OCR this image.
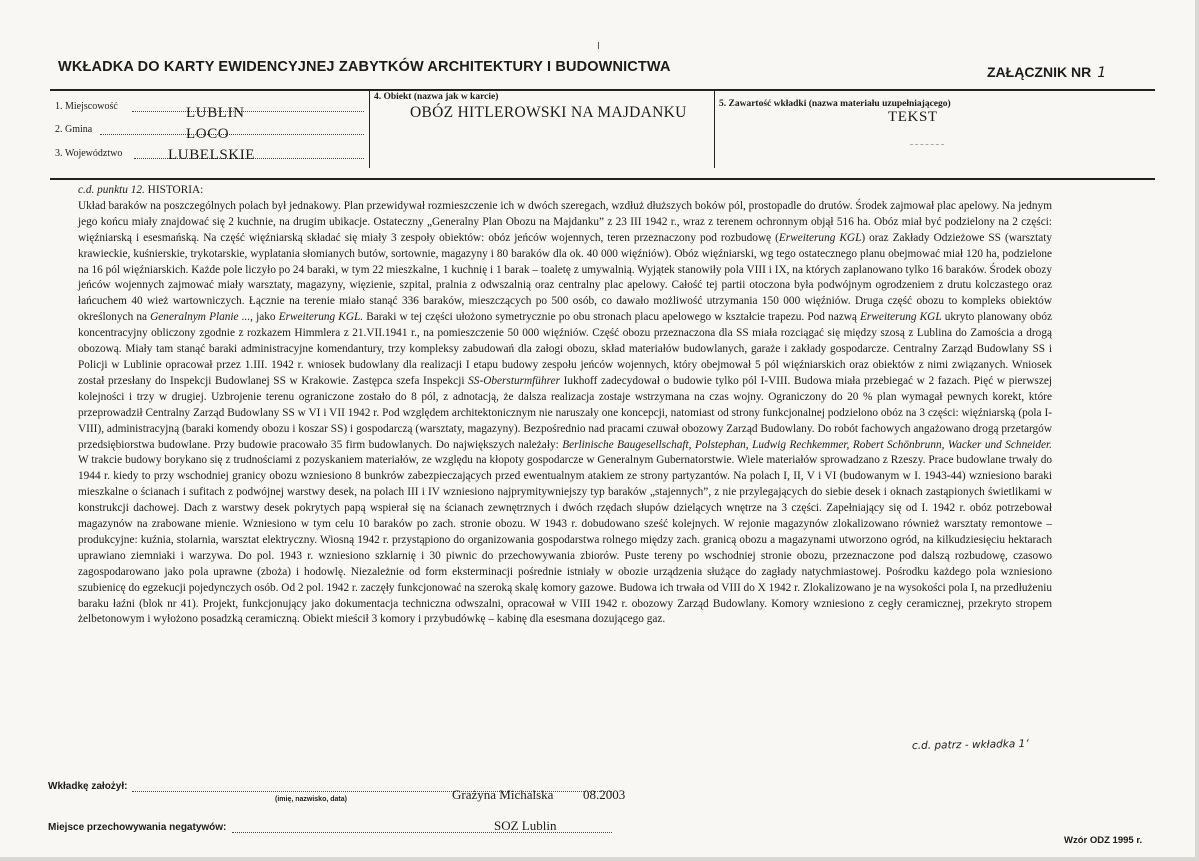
WKŁADKA DO KARTY EWIDENCYJNEJ ZABYTKÓW ARCHITEKTURY I BUDOWNICTWA	ZAŁĄCZNIK NR 1
1. Miejscowość	LUBLIN
2. Gmina	LOCO
3. Województwo	LUBELSKIE
4. Obiekt (nazwa jak w karcie)
OBÓZ HITLEROWSKI NA MAJDANKU	5. Zawartość wkładki (nazwa materiału uzupełniającego)
TEKST
c.d. punktu 12. HISTORIA:

Układ baraków na poszczególnych polach był jednakowy. Plan przewidywał rozmieszczenie ich w dwóch szeregach, wzdłuż dłuższych boków pól, prostopadle do drutów. Środek zajmował plac apelowy. Na jednym jego końcu miały znajdować się 2 kuchnie, na drugim ubikacje. Ostateczny „Generalny Plan Obozu na Majdanku” z 23 III 1942 r., wraz z terenem ochronnym objął 516 ha. Obóz miał być podzielony na 2 części: więźniarską i esesmańską. Na część więźniarską składać się miały 3 zespoły obiektów: obóz jeńców wojennych, teren przeznaczony pod rozbudowę (Erweiterung KGL) oraz Zakłady Odzieżowe SS (warsztaty krawieckie, kuśnierskie, trykotarskie, wyplatania słomianych butów, sortownie, magazyny i 80 baraków dla ok. 40 000 więźniów). Obóz więźniarski, wg tego ostatecznego planu obejmować miał 120 ha, podzielone na 16 pól więźniarskich. Każde pole liczyło po 24 baraki, w tym 22 mieszkalne, 1 kuchnię i 1 barak – toaletę z umywalnią. Wyjątek stanowiły pola VIII i IX, na których zaplanowano tylko 16 baraków. Środek obozy jeńców wojennych zajmować miały warsztaty, magazyny, więzienie, szpital, pralnia z odwszalnią oraz centralny plac apelowy. Całość tej partii otoczona była podwójnym ogrodzeniem z drutu kolczastego oraz łańcuchem 40 wież wartowniczych. Łącznie na terenie miało stanąć 336 baraków, mieszczących po 500 osób, co dawało możliwość utrzymania 150 000 więźniów. Druga część obozu to kompleks obiektów określonych na Generalnym Planie ..., jako Erweiterung KGL. Baraki w tej części ułożono symetrycznie po obu stronach placu apelowego w kształcie trapezu. Pod nazwą Erweiterung KGL ukryto planowany obóz koncentracyjny obliczony zgodnie z rozkazem Himmlera z 21.VII.1941 r., na pomieszczenie 50 000 więźniów. Część obozu przeznaczona dla SS miała rozciągać się między szosą z Lublina do Zamościa a drogą obozową. Miały tam stanąć baraki administracyjne komendantury, trzy kompleksy zabudowań dla załogi obozu, skład materiałów budowlanych, garaże i zakłady gospodarcze. Centralny Zarząd Budowlany SS i Policji w Lublinie opracował przez 1.III. 1942 r. wniosek budowlany dla realizacji I etapu budowy zespołu jeńców wojennych, który obejmował 5 pól więźniarskich oraz obiektów z nimi związanych. Wniosek został przesłany do Inspekcji Budowlanej SS w Krakowie. Zastępca szefa Inspekcji SS-Obersturmführer Iukhoff zadecydował o budowie tylko pól I-VIII. Budowa miała przebiegać w 2 fazach. Pięć w pierwszej kolejności i trzy w drugiej. Uzbrojenie terenu ograniczone zostało do 8 pól, z adnotacją, że dalsza realizacja zostaje wstrzymana na czas wojny. Ograniczony do 20 % plan wymagał pewnych korekt, które przeprowadził Centralny Zarząd Budowlany SS w VI i VII 1942 r. Pod względem architektonicznym nie naruszały one koncepcji, natomiast od strony funkcjonalnej podzielono obóz na 3 części: więźniarską (pola I-VIII), administracyjną (baraki komendy obozu i koszar SS) i gospodarczą (warsztaty, magazyny). Bezpośrednio nad pracami czuwał obozowy Zarząd Budowlany. Do robót fachowych angażowano drogą przetargów przedsiębiorstwa budowlane. Przy budowie pracowało 35 firm budowlanych. Do największych należały: Berlinische Baugesellschaft, Polstephan, Ludwig Rechkemmer, Robert Schönbrunn, Wacker und Schneider. W trakcie budowy borykano się z trudnościami z pozyskaniem materiałów, ze względu na kłopoty gospodarcze w Generalnym Gubernatorstwie. Wiele materiałów sprowadzano z Rzeszy. Prace budowlane trwały do 1944 r. kiedy to przy wschodniej granicy obozu wzniesiono 8 bunkrów zabezpieczających przed ewentualnym atakiem ze strony partyzantów. Na polach I, II, V i VI (budowanym w I. 1943-44) wzniesiono baraki mieszkalne o ścianach i sufitach z podwójnej warstwy desek, na polach III i IV wzniesiono najprymitywniejszy typ baraków „stajennych”, z nie przylegających do siebie desek i oknach zastąpionych świetlikami w konstrukcji dachowej. Dach z warstwy desek pokrytych papą wspierał się na ścianach zewnętrznych i dwóch rzędach słupów dzielących wnętrze na 3 części. Zapełniający się od I. 1942 r. obóz potrzebował magazynów na zrabowane mienie. Wzniesiono w tym celu 10 baraków po zach. stronie obozu. W 1943 r. dobudowano sześć kolejnych. W rejonie magazynów zlokalizowano również warsztaty remontowe – produkcyjne: kuźnia, stolarnia, warsztat elektryczny. Wiosną 1942 r. przystąpiono do organizowania gospodarstwa rolnego między zach. granicą obozu a magazynami utworzono ogród, na kilkudziesięciu hektarach uprawiano ziemniaki i warzywa. Do pol. 1943 r. wzniesiono szklarnię i 30 piwnic do przechowywania zbiorów. Puste tereny po wschodniej stronie obozu, przeznaczone pod dalszą rozbudowę, czasowo zagospodarowano jako pola uprawne (zboża) i hodowlę. Niezależnie od form eksterminacji pośrednie istniały w obozie urządzenia służące do zagłady natychmiastowej. Pośrodku każdego pola wzniesiono szubienicę do egzekucji pojedynczych osób. Od 2 pol. 1942 r. zaczęły funkcjonować na szeroką skalę komory gazowe. Budowa ich trwała od VIII do X 1942 r. Zlokalizowano je na wysokości pola I, na przedłużeniu baraku łaźni (blok nr 41). Projekt, funkcjonujący jako dokumentacja techniczna odwszalni, opracował w VIII 1942 r. obozowy Zarząd Budowlany. Komory wzniesiono z cegły ceramicznej, przekryto stropem żelbetonowym i wyłożono posadzką ceramiczną. Obiekt mieścił 3 komory i przybudówkę – kabinę dla esesmana dozującego gaz.

c.d. patrz - wkładka 1’
Wkładkę założył:
(imię, nazwisko, data)	Grażyna Michalska 08.2003
Miejsce przechowywania negatywów:	SOZ Lublin
Wzór ODZ 1995 r.
